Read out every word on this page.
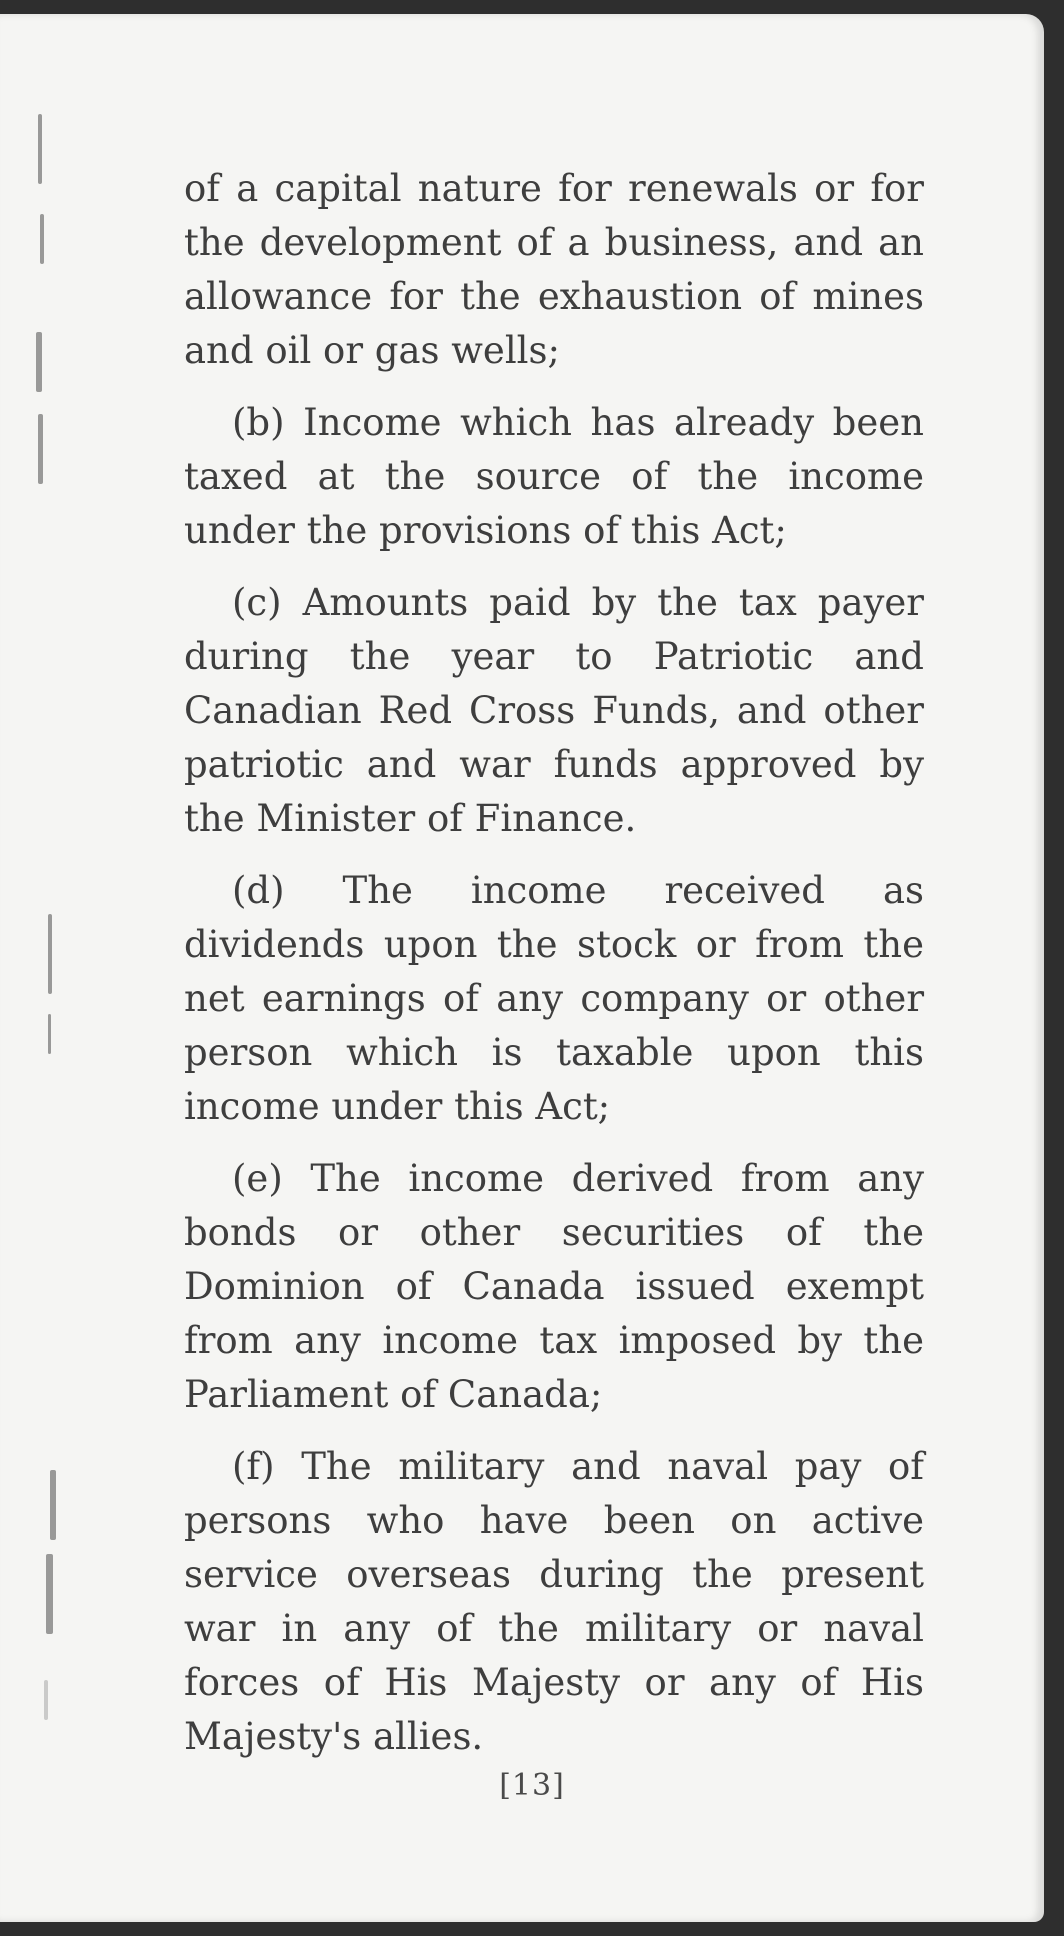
of a capital nature for renewals or for the development of a business, and an allowance for the exhaustion of mines and oil or gas wells;

(b) Income which has already been taxed at the source of the income under the provisions of this Act;

(c) Amounts paid by the tax payer during the year to Patriotic and Canadian Red Cross Funds, and other patriotic and war funds approved by the Minister of Finance.

(d) The income received as dividends upon the stock or from the net earnings of any company or other person which is taxable upon this income under this Act;

(e) The income derived from any bonds or other securities of the Dominion of Canada issued exempt from any income tax imposed by the Parliament of Canada;

(f) The military and naval pay of persons who have been on active service overseas during the present war in any of the military or naval forces of His Majesty or any of His Majesty's allies.

[13]
